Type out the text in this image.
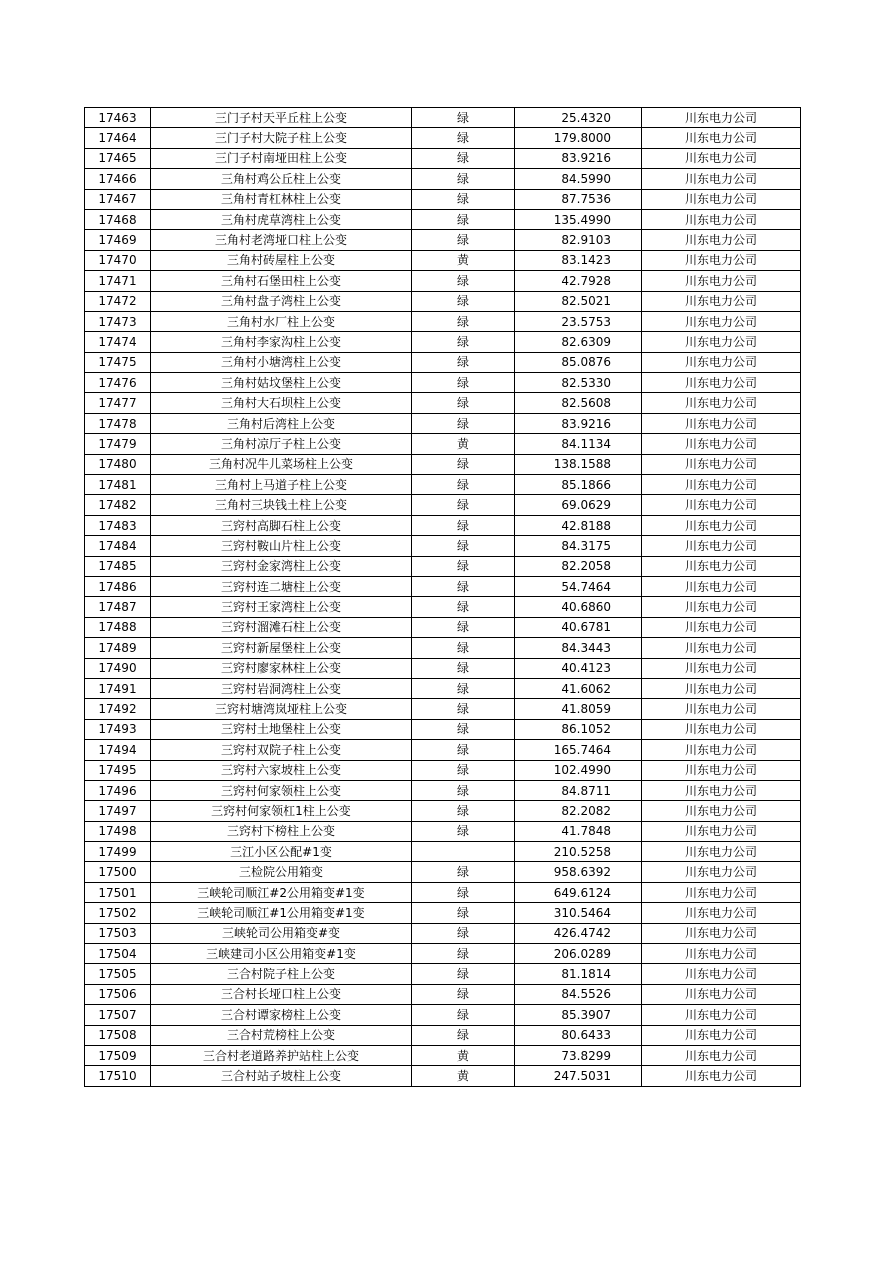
17463	三门子村天平丘柱上公变	绿	25.4320	川东电力公司
17464	三门子村大院子柱上公变	绿	179.8000	川东电力公司
17465	三门子村南垭田柱上公变	绿	83.9216	川东电力公司
17466	三角村鸡公丘柱上公变	绿	84.5990	川东电力公司
17467	三角村青杠林柱上公变	绿	87.7536	川东电力公司
17468	三角村虎草湾柱上公变	绿	135.4990	川东电力公司
17469	三角村老湾垭口柱上公变	绿	82.9103	川东电力公司
17470	三角村砖屋柱上公变	黄	83.1423	川东电力公司
17471	三角村石堡田柱上公变	绿	42.7928	川东电力公司
17472	三角村盘子湾柱上公变	绿	82.5021	川东电力公司
17473	三角村水厂柱上公变	绿	23.5753	川东电力公司
17474	三角村李家沟柱上公变	绿	82.6309	川东电力公司
17475	三角村小塘湾柱上公变	绿	85.0876	川东电力公司
17476	三角村姑坟堡柱上公变	绿	82.5330	川东电力公司
17477	三角村大石坝柱上公变	绿	82.5608	川东电力公司
17478	三角村后湾柱上公变	绿	83.9216	川东电力公司
17479	三角村凉厅子柱上公变	黄	84.1134	川东电力公司
17480	三角村况牛儿菜场柱上公变	绿	138.1588	川东电力公司
17481	三角村上马道子柱上公变	绿	85.1866	川东电力公司
17482	三角村三块钱土柱上公变	绿	69.0629	川东电力公司
17483	三窍村高脚石柱上公变	绿	42.8188	川东电力公司
17484	三窍村鞍山片柱上公变	绿	84.3175	川东电力公司
17485	三窍村金家湾柱上公变	绿	82.2058	川东电力公司
17486	三窍村连二塘柱上公变	绿	54.7464	川东电力公司
17487	三窍村王家湾柱上公变	绿	40.6860	川东电力公司
17488	三窍村溜滩石柱上公变	绿	40.6781	川东电力公司
17489	三窍村新屋堡柱上公变	绿	84.3443	川东电力公司
17490	三窍村廖家林柱上公变	绿	40.4123	川东电力公司
17491	三窍村岩洞湾柱上公变	绿	41.6062	川东电力公司
17492	三窍村塘湾岚垭柱上公变	绿	41.8059	川东电力公司
17493	三窍村土地堡柱上公变	绿	86.1052	川东电力公司
17494	三窍村双院子柱上公变	绿	165.7464	川东电力公司
17495	三窍村六家坡柱上公变	绿	102.4990	川东电力公司
17496	三窍村何家领柱上公变	绿	84.8711	川东电力公司
17497	三窍村何家领杠1柱上公变	绿	82.2082	川东电力公司
17498	三窍村下榜柱上公变	绿	41.7848	川东电力公司
17499	三江小区公配#1变		210.5258	川东电力公司
17500	三检院公用箱变	绿	958.6392	川东电力公司
17501	三峡轮司顺江#2公用箱变#1变	绿	649.6124	川东电力公司
17502	三峡轮司顺江#1公用箱变#1变	绿	310.5464	川东电力公司
17503	三峡轮司公用箱变#变	绿	426.4742	川东电力公司
17504	三峡建司小区公用箱变#1变	绿	206.0289	川东电力公司
17505	三合村院子柱上公变	绿	81.1814	川东电力公司
17506	三合村长垭口柱上公变	绿	84.5526	川东电力公司
17507	三合村谭家榜柱上公变	绿	85.3907	川东电力公司
17508	三合村荒榜柱上公变	绿	80.6433	川东电力公司
17509	三合村老道路养护站柱上公变	黄	73.8299	川东电力公司
17510	三合村站子坡柱上公变	黄	247.5031	川东电力公司
